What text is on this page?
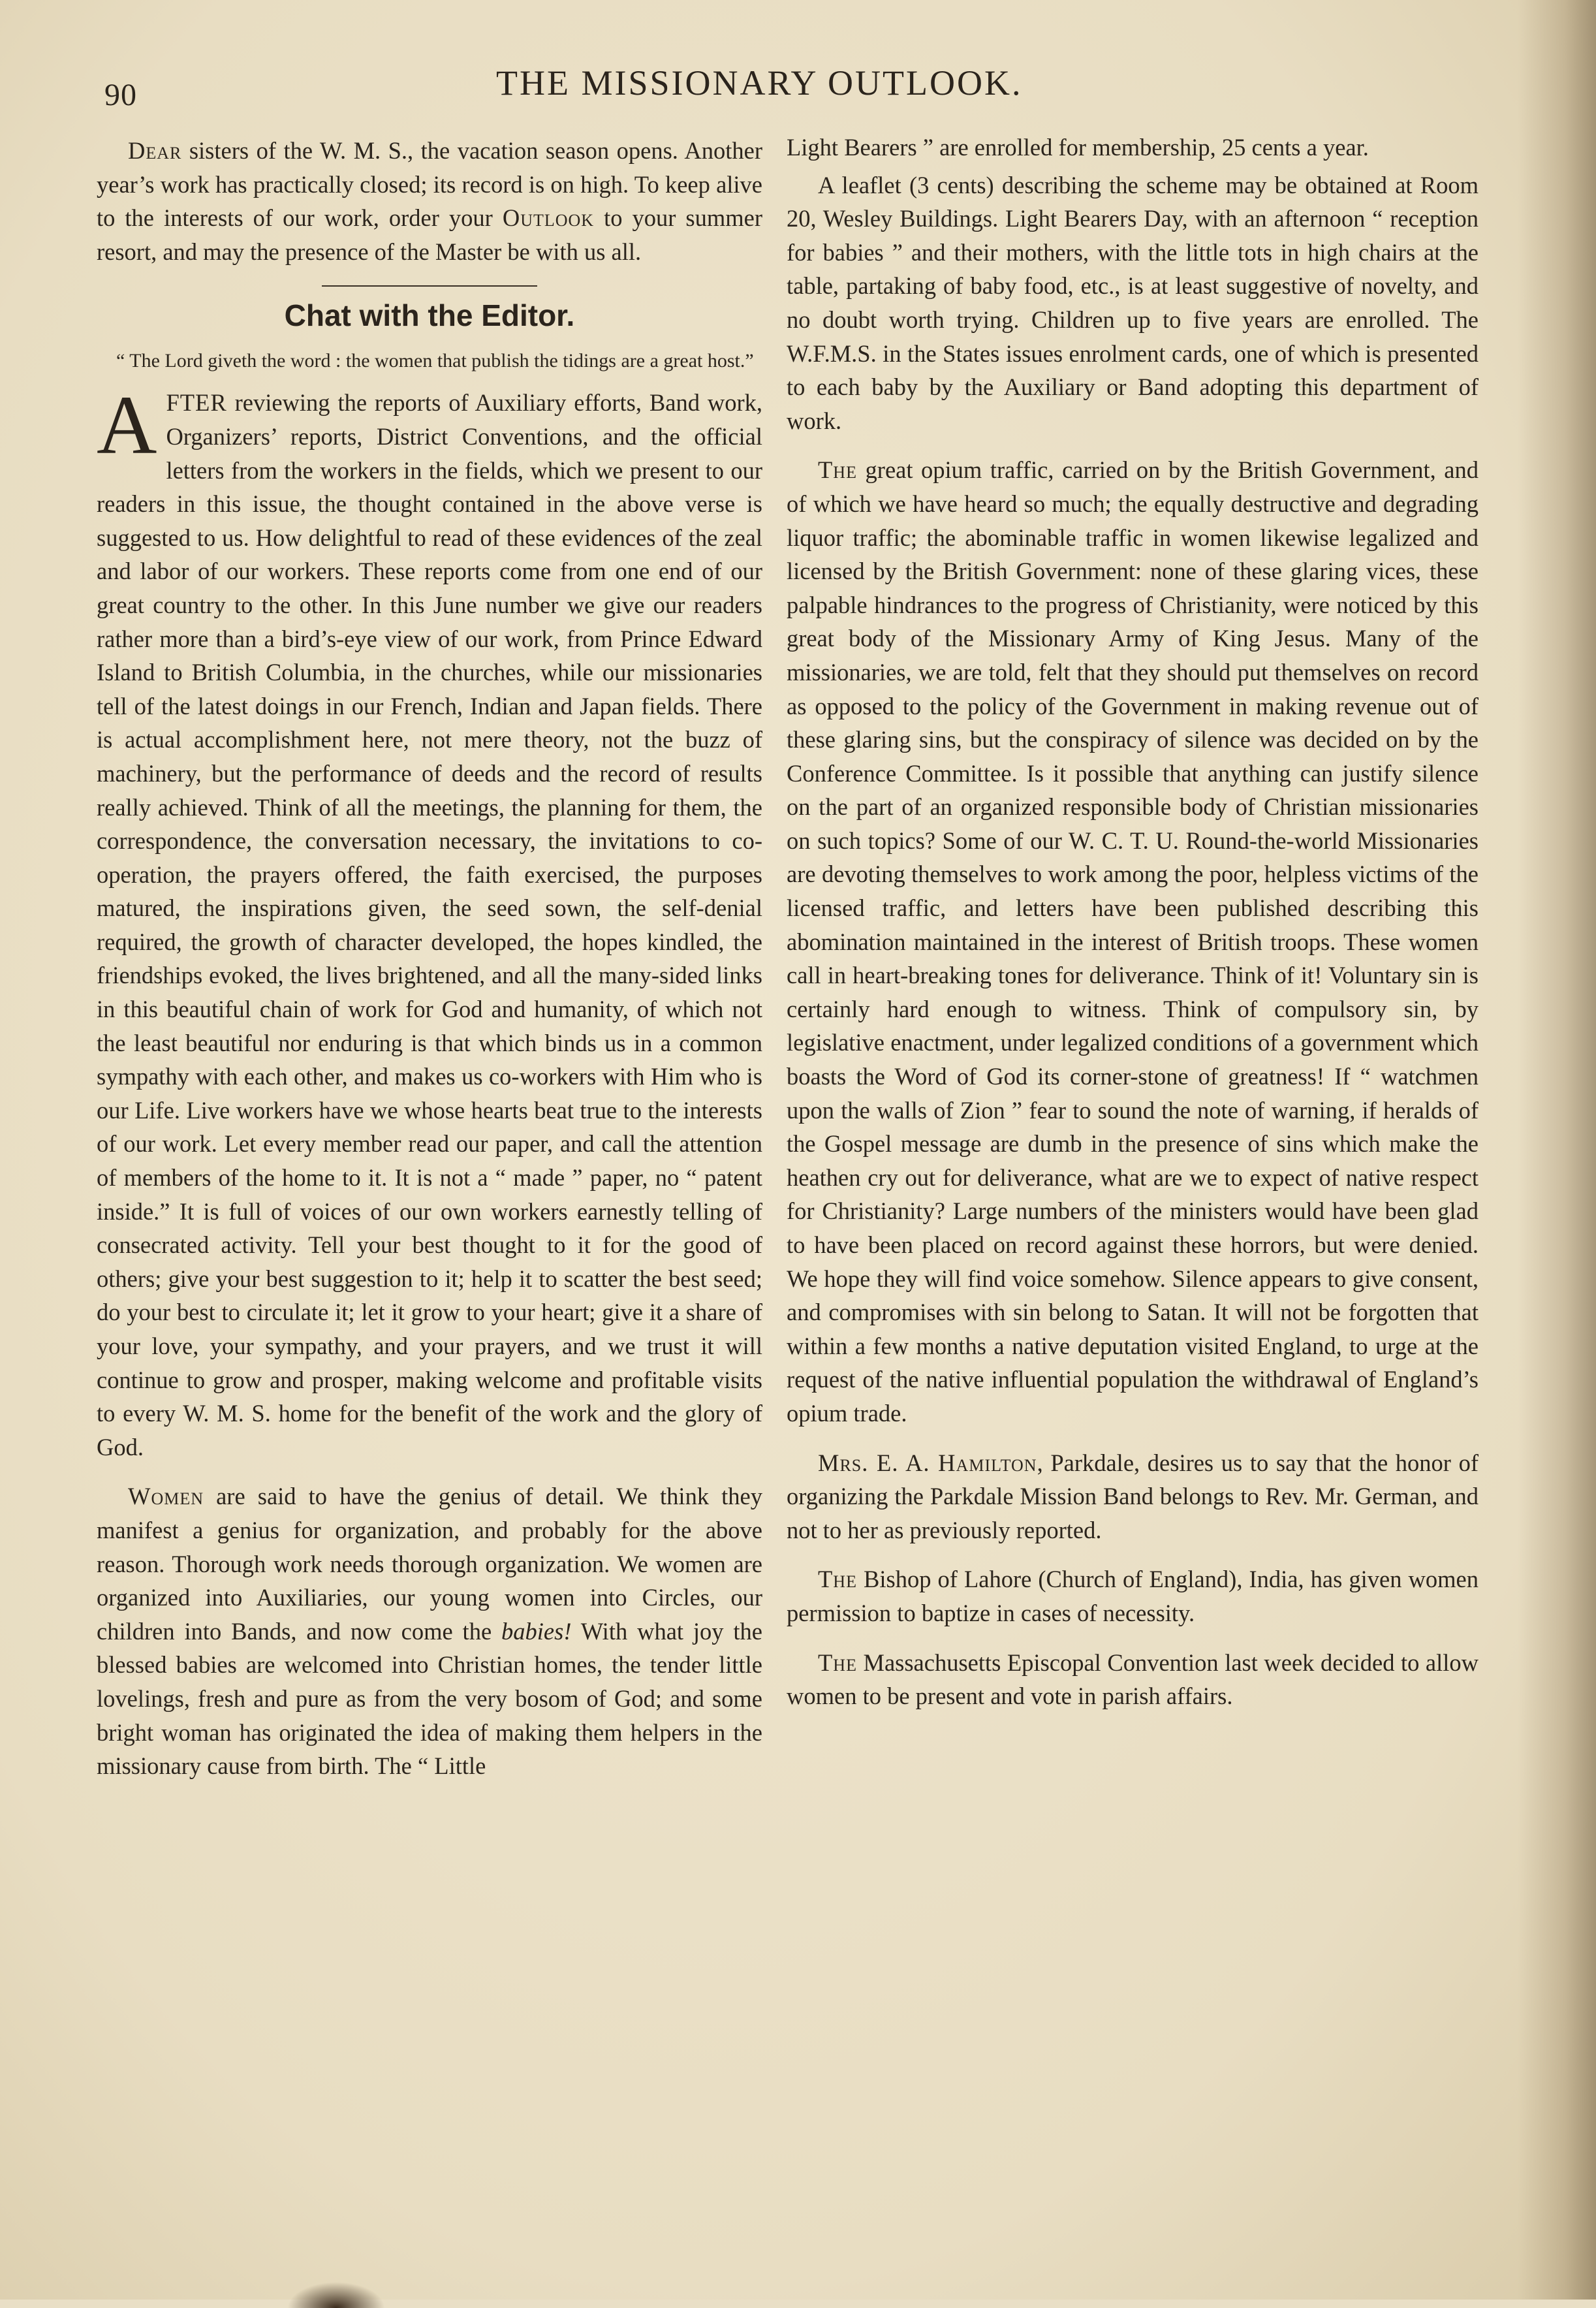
90	THE MISSIONARY OUTLOOK.

Dear sisters of the W. M. S., the vacation season opens. Another year’s work has practically closed; its record is on high. To keep alive to the interests of our work, order your Outlook to your summer resort, and may the presence of the Master be with us all.

Chat with the Editor.

“ The Lord giveth the word : the women that publish the tidings are a great host.”

AFTER reviewing the reports of Auxiliary efforts, Band work, Organizers’ reports, District Conventions, and the official letters from the workers in the fields, which we present to our readers in this issue, the thought contained in the above verse is suggested to us. How delightful to read of these evidences of the zeal and labor of our workers. These reports come from one end of our great country to the other. In this June number we give our readers rather more than a bird’s-eye view of our work, from Prince Edward Island to British Columbia, in the churches, while our missionaries tell of the latest doings in our French, Indian and Japan fields. There is actual accomplishment here, not mere theory, not the buzz of machinery, but the performance of deeds and the record of results really achieved. Think of all the meetings, the planning for them, the correspondence, the conversation necessary, the invitations to co-operation, the prayers offered, the faith exercised, the purposes matured, the inspirations given, the seed sown, the self-denial required, the growth of character developed, the hopes kindled, the friendships evoked, the lives brightened, and all the many-sided links in this beautiful chain of work for God and humanity, of which not the least beautiful nor enduring is that which binds us in a common sympathy with each other, and makes us co-workers with Him who is our Life. Live workers have we whose hearts beat true to the interests of our work. Let every member read our paper, and call the attention of members of the home to it. It is not a “ made ” paper, no “ patent inside.” It is full of voices of our own workers earnestly telling of consecrated activity. Tell your best thought to it for the good of others; give your best suggestion to it; help it to scatter the best seed; do your best to circulate it; let it grow to your heart; give it a share of your love, your sympathy, and your prayers, and we trust it will continue to grow and prosper, making welcome and profitable visits to every W. M. S. home for the benefit of the work and the glory of God.

Women are said to have the genius of detail. We think they manifest a genius for organization, and probably for the above reason. Thorough work needs thorough organization. We women are organized into Auxiliaries, our young women into Circles, our children into Bands, and now come the babies! With what joy the blessed babies are welcomed into Christian homes, the tender little lovelings, fresh and pure as from the very bosom of God; and some bright woman has originated the idea of making them helpers in the missionary cause from birth. The “ Little

Light Bearers ” are enrolled for membership, 25 cents a year.

A leaflet (3 cents) describing the scheme may be obtained at Room 20, Wesley Buildings. Light Bearers Day, with an afternoon “ reception for babies ” and their mothers, with the little tots in high chairs at the table, partaking of baby food, etc., is at least suggestive of novelty, and no doubt worth trying. Children up to five years are enrolled. The W.F.M.S. in the States issues enrolment cards, one of which is presented to each baby by the Auxiliary or Band adopting this department of work.

The great opium traffic, carried on by the British Government, and of which we have heard so much; the equally destructive and degrading liquor traffic; the abominable traffic in women likewise legalized and licensed by the British Government: none of these glaring vices, these palpable hindrances to the progress of Christianity, were noticed by this great body of the Missionary Army of King Jesus. Many of the missionaries, we are told, felt that they should put themselves on record as opposed to the policy of the Government in making revenue out of these glaring sins, but the conspiracy of silence was decided on by the Conference Committee. Is it possible that anything can justify silence on the part of an organized responsible body of Christian missionaries on such topics? Some of our W. C. T. U. Round-the-world Missionaries are devoting themselves to work among the poor, helpless victims of the licensed traffic, and letters have been published describing this abomination maintained in the interest of British troops. These women call in heart-breaking tones for deliverance. Think of it! Voluntary sin is certainly hard enough to witness. Think of compulsory sin, by legislative enactment, under legalized conditions of a government which boasts the Word of God its corner-stone of greatness! If “ watchmen upon the walls of Zion ” fear to sound the note of warning, if heralds of the Gospel message are dumb in the presence of sins which make the heathen cry out for deliverance, what are we to expect of native respect for Christianity? Large numbers of the ministers would have been glad to have been placed on record against these horrors, but were denied. We hope they will find voice somehow. Silence appears to give consent, and compromises with sin belong to Satan. It will not be forgotten that within a few months a native deputation visited England, to urge at the request of the native influential population the withdrawal of England’s opium trade.

Mrs. E. A. Hamilton, Parkdale, desires us to say that the honor of organizing the Parkdale Mission Band belongs to Rev. Mr. German, and not to her as previously reported.

The Bishop of Lahore (Church of England), India, has given women permission to baptize in cases of necessity.

The Massachusetts Episcopal Convention last week decided to allow women to be present and vote in parish affairs.
